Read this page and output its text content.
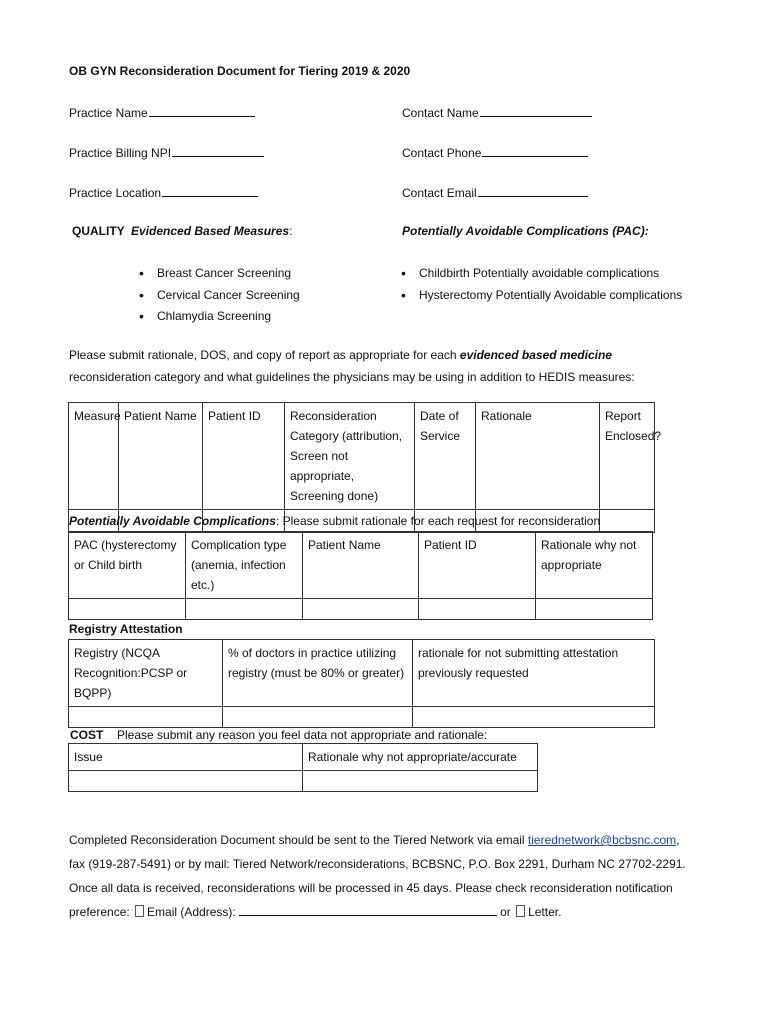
OB GYN Reconsideration Document for Tiering 2019 & 2020
Practice Name
Practice Billing NPI
Practice Location
Contact Name
Contact Phone
Contact Email
QUALITY Evidenced Based Measures:	Potentially Avoidable Complications (PAC):
• Breast Cancer Screening
• Cervical Cancer Screening
• Chlamydia Screening
• Childbirth Potentially avoidable complications
• Hysterectomy Potentially Avoidable complications
Please submit rationale, DOS, and copy of report as appropriate for each evidenced based medicine reconsideration category and what guidelines the physicians may be using in addition to HEDIS measures:
Measure	Patient Name	Patient ID	Reconsideration Category (attribution, Screen not appropriate, Screening done)	Date of Service	Rationale	Report Enclosed?

Potentially Avoidable Complications: Please submit rationale for each request for reconsideration
PAC (hysterectomy or Child birth	Complication type (anemia, infection etc.)	Patient Name	Patient ID	Rationale why not appropriate

Registry Attestation
Registry (NCQA Recognition:PCSP or BQPP)	% of doctors in practice utilizing registry (must be 80% or greater)	rationale for not submitting attestation previously requested

COST Please submit any reason you feel data not appropriate and rationale:
Issue	Rationale why not appropriate/accurate

Completed Reconsideration Document should be sent to the Tiered Network via email tierednetwork@bcbsnc.com, fax (919-287-5491) or by mail: Tiered Network/reconsiderations, BCBSNC, P.O. Box 2291, Durham NC 27702-2291. Once all data is received, reconsiderations will be processed in 45 days. Please check reconsideration notification preference: Email (Address):	or Letter.
